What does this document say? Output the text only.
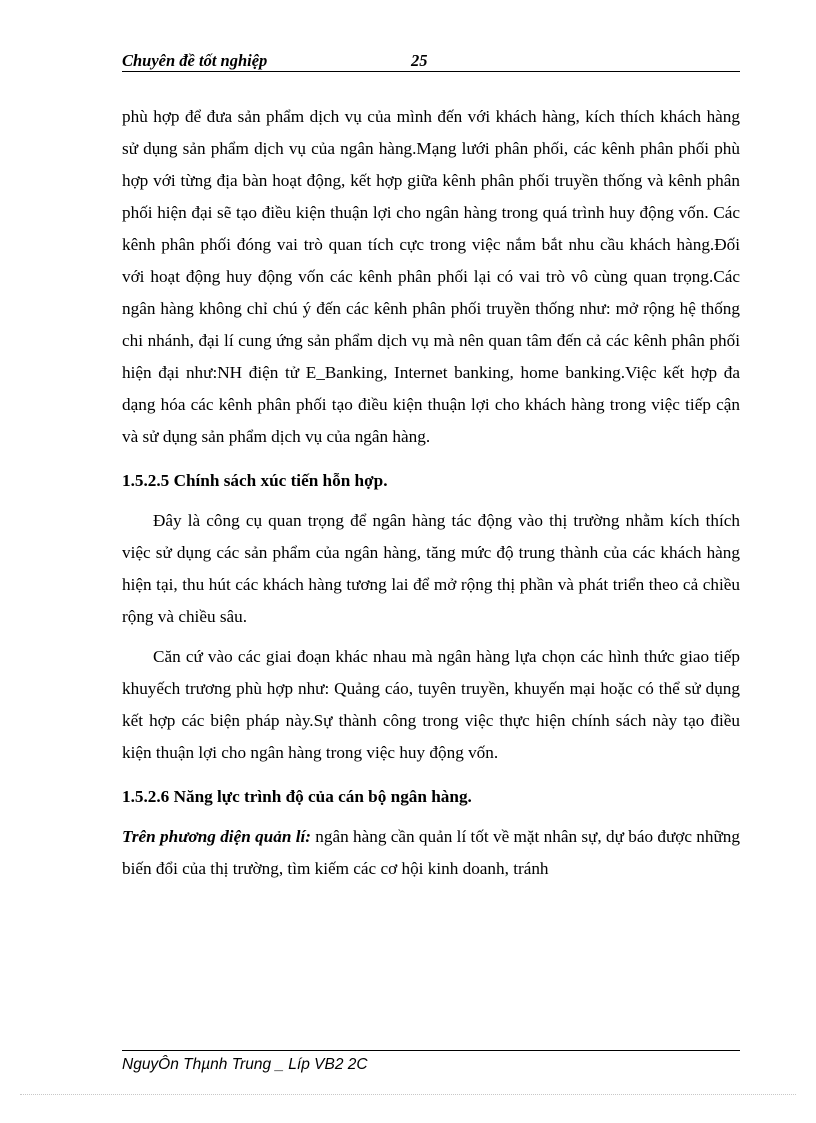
Chuyên đề tốt nghiệp	25

phù hợp để đưa sản phẩm dịch vụ của mình đến với khách hàng, kích thích khách hàng sử dụng sản phẩm dịch vụ của ngân hàng.Mạng lưới phân phối, các kênh phân phối phù hợp với từng địa bàn hoạt động, kết hợp giữa kênh phân phối truyền thống và kênh phân phối hiện đại sẽ tạo điều kiện thuận lợi cho ngân hàng trong quá trình huy động vốn. Các kênh phân phối đóng vai trò quan tích cực trong việc nắm bắt nhu cầu khách hàng.Đối với hoạt động huy động vốn các kênh phân phối lại có vai trò vô cùng quan trọng.Các ngân hàng không chỉ chú ý đến các kênh phân phối truyền thống như: mở rộng hệ thống chi nhánh, đại lí cung ứng sản phẩm dịch vụ mà nên quan tâm đến cả các kênh phân phối hiện đại như:NH điện tử E_Banking, Internet banking, home banking.Việc kết hợp đa dạng hóa các kênh phân phối tạo điều kiện thuận lợi cho khách hàng trong việc tiếp cận và sử dụng sản phẩm dịch vụ của ngân hàng.

1.5.2.5 Chính sách xúc tiến hỗn hợp.

Đây là công cụ quan trọng để ngân hàng tác động vào thị trường nhằm kích thích việc sử dụng các sản phẩm của ngân hàng, tăng mức độ trung thành của các khách hàng hiện tại, thu hút các khách hàng tương lai để mở rộng thị phần và phát triển theo cả chiều rộng và chiều sâu.

Căn cứ vào các giai đoạn khác nhau mà ngân hàng lựa chọn các hình thức giao tiếp khuyếch trương phù hợp như: Quảng cáo, tuyên truyền, khuyến mại hoặc có thể sử dụng kết hợp các biện pháp này.Sự thành công trong việc thực hiện chính sách này tạo điều kiện thuận lợi cho ngân hàng trong việc huy động vốn.

1.5.2.6 Năng lực trình độ của cán bộ ngân hàng.

Trên phương diện quản lí: ngân hàng cần quản lí tốt về mặt nhân sự, dự báo được những biến đổi của thị trường, tìm kiếm các cơ hội kinh doanh, tránh

NguyÔn Thµnh Trung _ Líp VB2 2C
